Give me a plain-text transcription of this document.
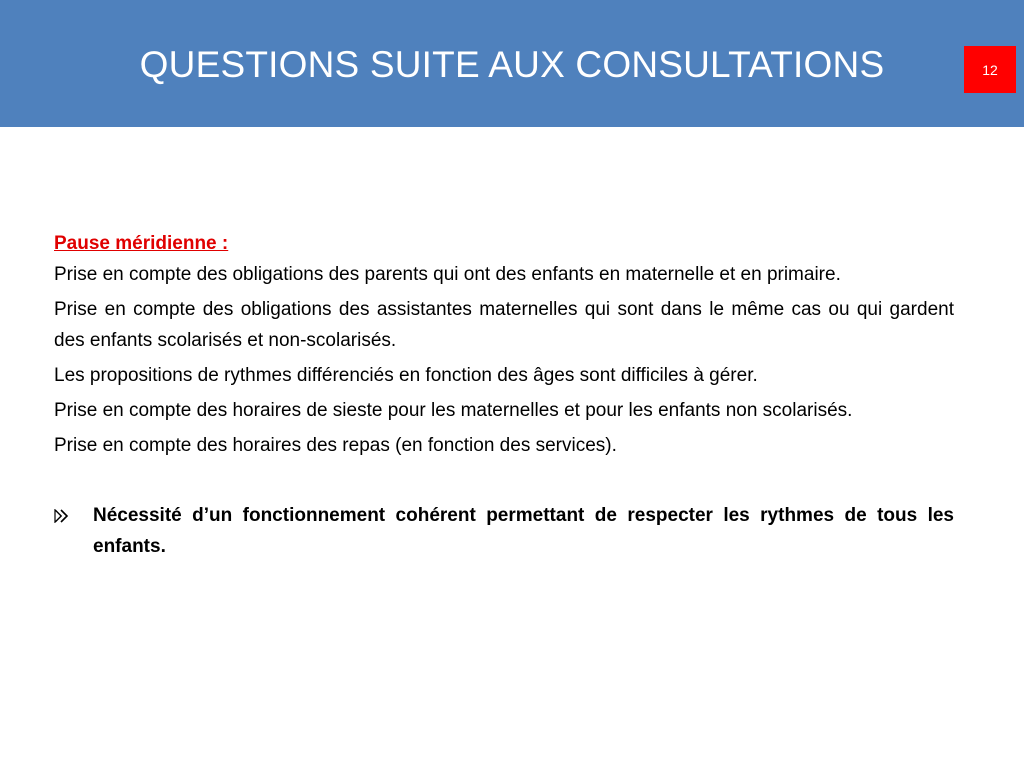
QUESTIONS SUITE AUX CONSULTATIONS	12

Pause méridienne :

Prise en compte des obligations des parents qui ont des enfants en maternelle et en primaire.

Prise en compte des obligations des assistantes maternelles qui sont dans le même cas ou qui gardent des enfants scolarisés et non-scolarisés.

Les propositions de rythmes différenciés en fonction des âges sont difficiles à gérer.

Prise en compte des horaires de sieste pour les maternelles et pour les enfants non scolarisés.

Prise en compte des horaires des repas (en fonction des services).

Nécessité d’un fonctionnement cohérent permettant de respecter les rythmes de tous les enfants.
